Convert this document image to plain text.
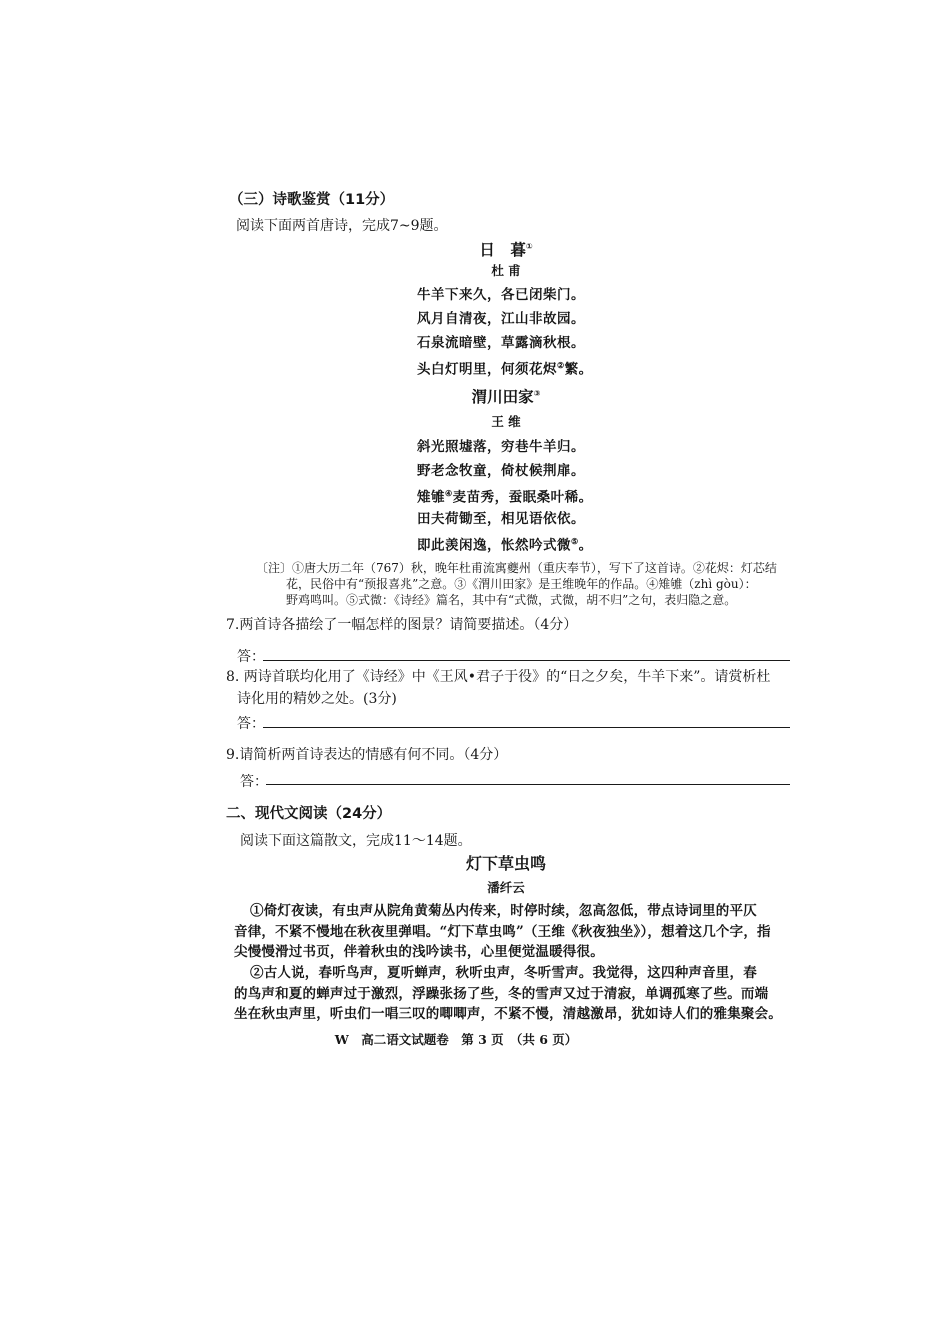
（三）诗歌鉴赏（11分）
阅读下面两首唐诗，完成7~9题。
日　暮①
杜 甫
牛羊下来久，各已闭柴门。
风月自清夜，江山非故园。
石泉流暗壁，草露滴秋根。
头白灯明里，何须花烬②繁。
渭川田家③
王 维
斜光照墟落，穷巷牛羊归。
野老念牧童，倚杖候荆扉。
雉雊④麦苗秀，蚕眠桑叶稀。
田夫荷锄至，相见语依依。
即此羡闲逸，怅然吟式微⑤。
〔注〕①唐大历二年（767）秋，晚年杜甫流寓夔州（重庆奉节），写下了这首诗。②花烬：灯芯结
花，民俗中有“预报喜兆”之意。③《渭川田家》是王维晚年的作品。④雉雊（zhì gòu）：
野鸡鸣叫。⑤式微：《诗经》篇名，其中有“式微，式微，胡不归”之句，表归隐之意。
7.两首诗各描绘了一幅怎样的图景？请简要描述。（4分）
答：
8. 两诗首联均化用了《诗经》中《王风•君子于役》的“日之夕矣，牛羊下来”。请赏析杜
诗化用的精妙之处。(3分)
答：
9.请简析两首诗表达的情感有何不同。（4分）
答：
二、现代文阅读（24分）
阅读下面这篇散文，完成11～14题。
灯下草虫鸣
潘纤云
①倚灯夜读，有虫声从院角黄菊丛内传来，时停时续，忽高忽低，带点诗词里的平仄
音律，不紧不慢地在秋夜里弹唱。“灯下草虫鸣”（王维《秋夜独坐》），想着这几个字，指
尖慢慢滑过书页，伴着秋虫的浅吟读书，心里便觉温暖得很。
②古人说，春听鸟声，夏听蝉声，秋听虫声，冬听雪声。我觉得，这四种声音里，春
的鸟声和夏的蝉声过于激烈，浮躁张扬了些，冬的雪声又过于清寂，单调孤寒了些。而端
坐在秋虫声里，听虫们一唱三叹的唧唧声，不紧不慢，清越激昂，犹如诗人们的雅集聚会。
W　高二语文试题卷　第 3 页　（共 6 页）
